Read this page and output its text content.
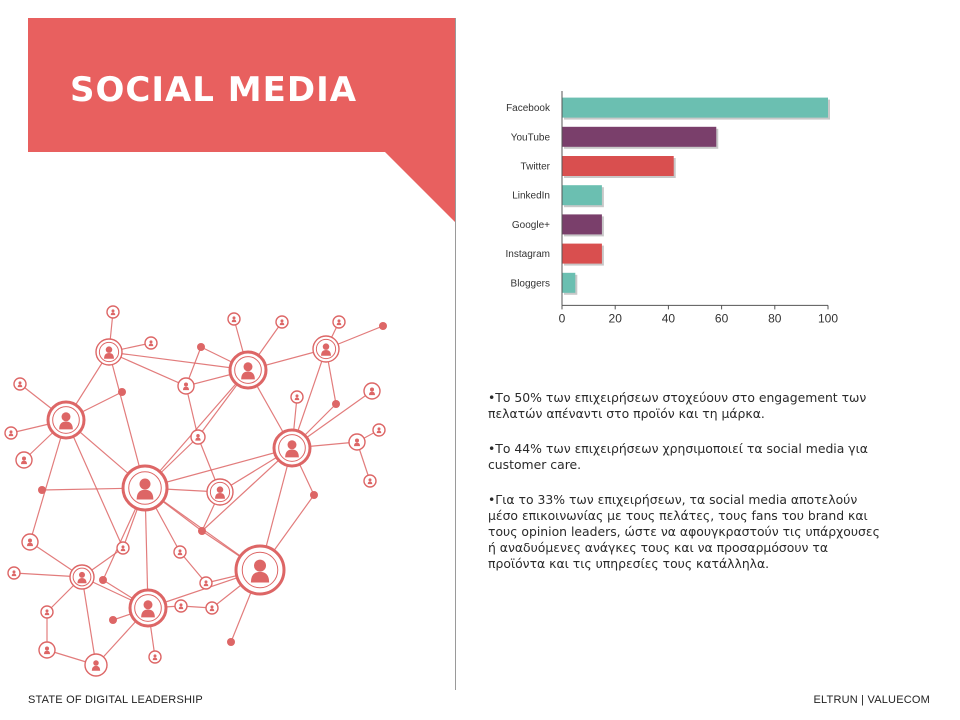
SOCIAL MEDIA	Facebook
YouTube
Twitter
LinkedIn
Google+
Instagram
Bloggers
0	20	40	60	80	100

•Το 50% των επιχειρήσεων στοχεύουν στο engagement των πελατών απέναντι στο προϊόν και τη μάρκα.

•Το 44% των επιχειρήσεων χρησιμοποιεί τα social media για customer care.

•Για το 33% των επιχειρήσεων, τα social media αποτελούν μέσο επικοινωνίας με τους πελάτες, τους fans του brand και τους opinion leaders, ώστε να αφουγκραστούν τις υπάρχουσες ή αναδυόμενες ανάγκες τους και να προσαρμόσουν τα προϊόντα και τις υπηρεσίες τους κατάλληλα.

STATE OF DIGITAL LEADERSHIP	ELTRUN | VALUECOM
